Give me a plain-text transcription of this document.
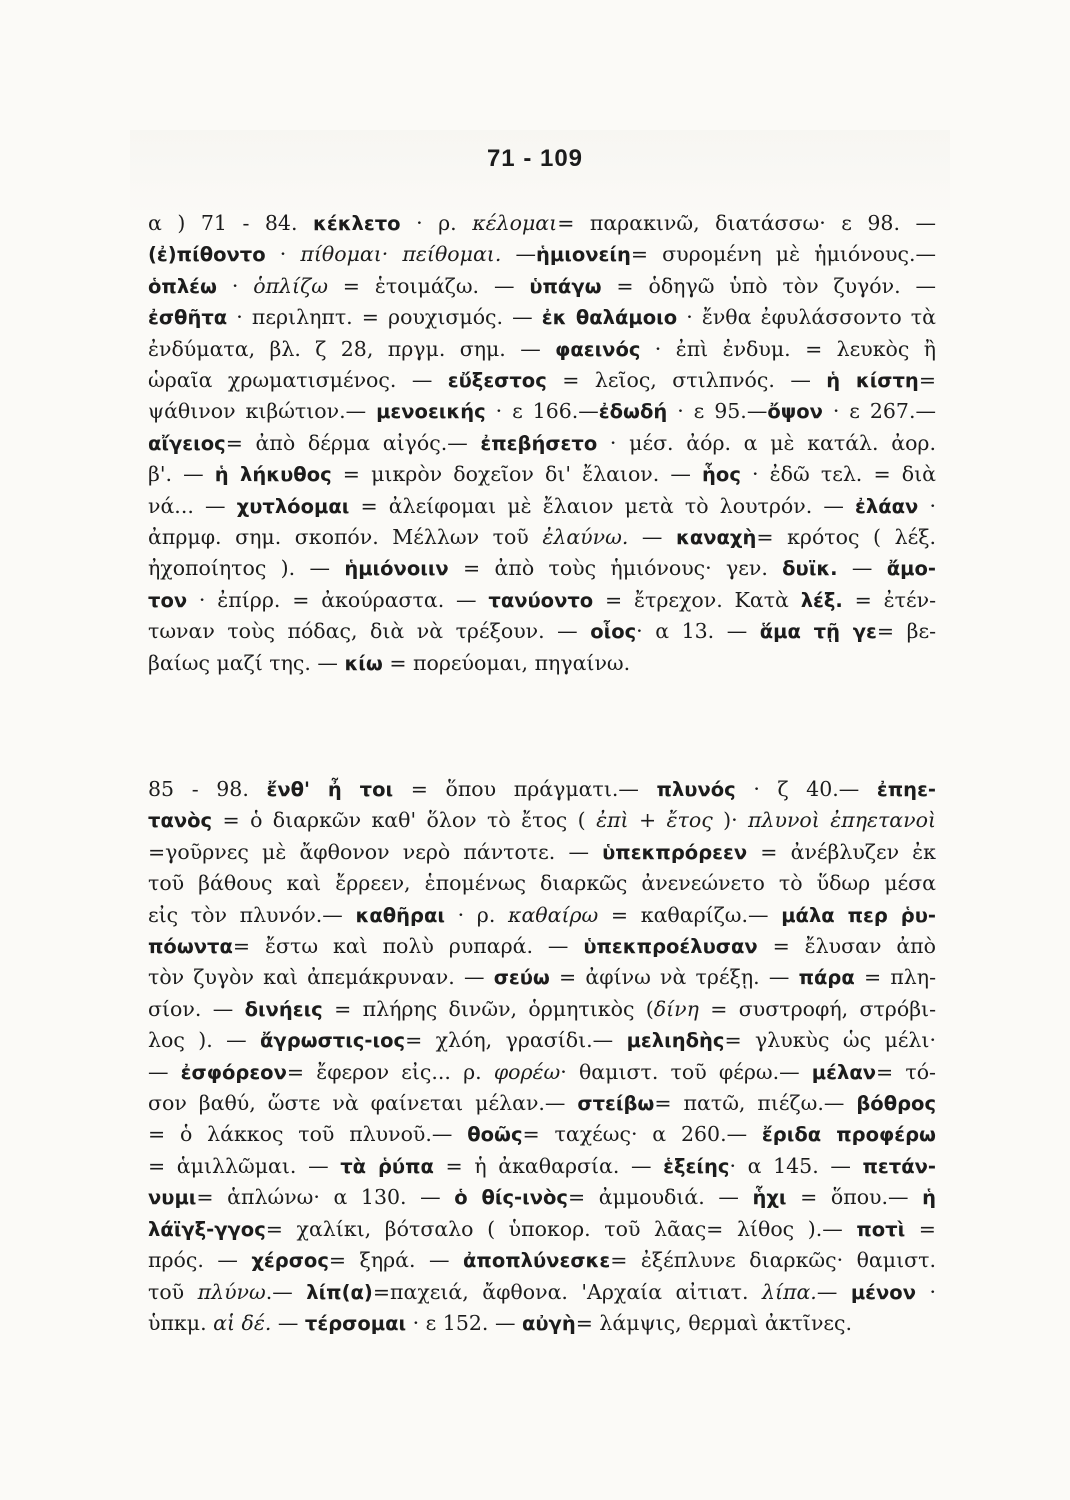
71 - 109
α ) 71 - 84. κέκλετο · ρ. κέλομαι= παρακινῶ, διατάσσω· ε 98. —
(ἐ)πίθοντο · πίθομαι· πείθομαι. —ἡμιονείη= συρομένη μὲ ἡμιόνους.—
ὁπλέω · ὁπλίζω = ἑτοιμάζω. — ὑπάγω = ὁδηγῶ ὑπὸ τὸν ζυγόν. —
ἐσθῆτα · περιληπτ. = ρουχισμός. — ἐκ θαλάμοιο · ἔνθα ἐφυλάσσοντο τὰ
ἐνδύματα, βλ. ζ 28, πργμ. σημ. — φαεινός · ἐπὶ ἐνδυμ. = λευκὸς ἢ
ὡραῖα χρωματισμένος. — εὔξεστος = λεῖος, στιλπνός. — ἡ κίστη=
ψάθινον κιβώτιον.— μενοεικής · ε 166.—ἐδωδή · ε 95.—ὄψον · ε 267.—
αἴγειος= ἀπὸ δέρμα αἰγός.— ἐπεβήσετο · μέσ. ἀόρ. α μὲ κατάλ. ἀορ.
β'. — ἡ λήκυθος = μικρὸν δοχεῖον δι' ἔλαιον. — ἧος · ἐδῶ τελ. = διὰ
νά... — χυτλόομαι = ἀλείφομαι μὲ ἔλαιον μετὰ τὸ λουτρόν. — ἐλάαν ·
ἀπρμφ. σημ. σκοπόν. Μέλλων τοῦ ἐλαύνω. — καναχὴ= κρότος ( λέξ.
ἠχοποίητος ). — ἡμιόνοιιν = ἀπὸ τοὺς ἡμιόνους· γεν. δυϊκ. — ἄμο-
τον · ἐπίρρ. = ἀκούραστα. — τανύοντο = ἔτρεχον. Κατὰ λέξ. = ἐτέν-
τωναν τοὺς πόδας, διὰ νὰ τρέξουν. — οἷος· α 13. — ἅμα τῇ γε= βε-
βαίως μαζί της. — κίω = πορεύομαι, πηγαίνω.
85 - 98. ἔνθ' ἦ τοι = ὅπου πράγματι.— πλυνός · ζ 40.— ἐπηε-
τανὸς = ὁ διαρκῶν καθ' ὅλον τὸ ἔτος ( ἐπὶ + ἔτος )· πλυνοὶ ἐπηετανοὶ
=γοῦρνες μὲ ἄφθονον νερὸ πάντοτε. — ὑπεκπρόρεεν = ἀνέβλυζεν ἐκ
τοῦ βάθους καὶ ἔρρεεν, ἑπομένως διαρκῶς ἀνενεώνετο τὸ ὕδωρ μέσα
εἰς τὸν πλυνόν.— καθῆραι · ρ. καθαίρω = καθαρίζω.— μάλα περ ῥυ-
πόωντα= ἔστω καὶ πολὺ ρυπαρά. — ὑπεκπροέλυσαν = ἔλυσαν ἀπὸ
τὸν ζυγὸν καὶ ἀπεμάκρυναν. — σεύω = ἀφίνω νὰ τρέξῃ. — πάρα = πλη-
σίον. — δινήεις = πλήρης δινῶν, ὁρμητικὸς (δίνη = συστροφή, στρόβι-
λος ). — ἄγρωστις-ιος= χλόη, γρασίδι.— μελιηδὴς= γλυκὺς ὡς μέλι·
— ἐσφόρεον= ἔφερον εἰς... ρ. φορέω· θαμιστ. τοῦ φέρω.— μέλαν= τό-
σον βαθύ, ὥστε νὰ φαίνεται μέλαν.— στείβω= πατῶ, πιέζω.— βόθρος
= ὁ λάκκος τοῦ πλυνοῦ.— θοῶς= ταχέως· α 260.— ἔριδα προφέρω
= ἁμιλλῶμαι. — τὰ ῥύπα = ἡ ἀκαθαρσία. — ἑξείης· α 145. — πετάν-
νυμι= ἁπλώνω· α 130. — ὁ θίς-ινὸς= ἀμμουδιά. — ἧχι = ὅπου.— ἡ
λάϊγξ-γγος= χαλίκι, βότσαλο ( ὑποκορ. τοῦ λᾶας= λίθος ).— ποτὶ =
πρός. — χέρσος= ξηρά. — ἀποπλύνεσκε= ἐξέπλυνε διαρκῶς· θαμιστ.
τοῦ πλύνω.— λίπ(α)=παχειά, ἄφθονα. 'Αρχαία αἰτιατ. λίπα.— μένον ·
ὑπκμ. αἱ δέ. — τέρσομαι · ε 152. — αὐγὴ= λάμψις, θερμαὶ ἀκτῖνες.
